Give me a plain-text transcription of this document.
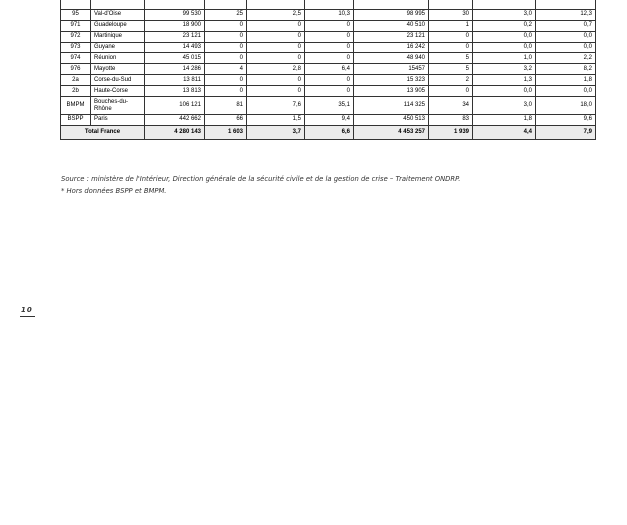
95	Val-d'Oise	99 530	25	2,5	10,3	98 995	30	3,0	12,3
971	Guadeloupe	18 900	0	0	0	40 510	1	0,2	0,7
972	Martinique	23 121	0	0	0	23 121	0	0,0	0,0
973	Guyane	14 493	0	0	0	16 242	0	0,0	0,0
974	Réunion	45 015	0	0	0	48 940	5	1,0	2,2
976	Mayotte	14 286	4	2,8	6,4	15457	5	3,2	8,2
2a	Corse-du-Sud	13 811	0	0	0	15 323	2	1,3	1,8
2b	Haute-Corse	13 813	0	0	0	13 905	0	0,0	0,0
BMPM	Bouches-du-Rhône	106 121	81	7,6	35,1	114 325	34	3,0	18,0
BSPP	Paris	442 662	66	1,5	9,4	450 513	83	1,8	9,6
Total France		4 280 143	1 603	3,7	6,6	4 453 257	1 939	4,4	7,9
Source : ministère de l'Intérieur, Direction générale de la sécurité civile et de la gestion de crise – Traitement ONDRP.
* Hors données BSPP et BMPM.
10
